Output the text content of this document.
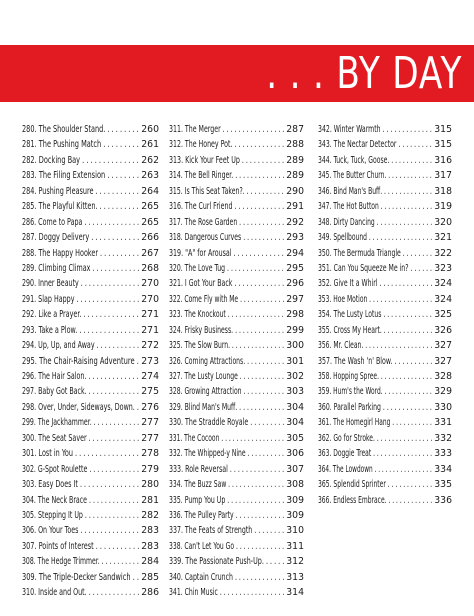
. . . BY DAY
280. The Shoulder Stand. . . . . . . . . 260
281. The Pushing Match . . . . . . . . . 261
282. Docking Bay . . . . . . . . . . . . . . 262
283. The Filing Extension . . . . . . . . 263
284. Pushing Pleasure . . . . . . . . . . . 264
285. The Playful Kitten. . . . . . . . . . . 265
286. Come to Papa . . . . . . . . . . . . . . 265
287. Doggy Delivery . . . . . . . . . . . . 266
288. The Happy Hooker . . . . . . . . . . 267
289. Climbing Climax . . . . . . . . . . . . 268
290. Inner Beauty . . . . . . . . . . . . . . . 270
291. Slap Happy . . . . . . . . . . . . . . . . 270
292. Like a Prayer. . . . . . . . . . . . . . . 271
293. Take a Plow. . . . . . . . . . . . . . . . 271
294. Up, Up, and Away . . . . . . . . . . . 272
295. The Chair-Raising Adventure . 273
296. The Hair Salon. . . . . . . . . . . . . . 274
297. Baby Got Back. . . . . . . . . . . . . . 275
298. Over, Under, Sideways, Down. . 276
299. The Jackhammer. . . . . . . . . . . . . 277
300. The Seat Saver . . . . . . . . . . . . . 277
301. Lost in You . . . . . . . . . . . . . . . . 278
302. G-Spot Roulette . . . . . . . . . . . . . 279
303. Easy Does It . . . . . . . . . . . . . . . 280
304. The Neck Brace . . . . . . . . . . . . . 281
305. Stepping It Up . . . . . . . . . . . . . . 282
306. On Your Toes . . . . . . . . . . . . . . . 283
307. Points of Interest . . . . . . . . . . . 283
308. The Hedge Trimmer. . . . . . . . . . . 284
309. The Triple-Decker Sandwich . . 285
310. Inside and Out. . . . . . . . . . . . . . 286
311. The Merger . . . . . . . . . . . . . . . . 287
312. The Honey Pot. . . . . . . . . . . . . . 288
313. Kick Your Feet Up . . . . . . . . . . . 289
314. The Bell Ringer. . . . . . . . . . . . . . 289
315. Is This Seat Taken?. . . . . . . . . . . 290
316. The Curl Friend . . . . . . . . . . . . . 291
317. The Rose Garden . . . . . . . . . . . . 292
318. Dangerous Curves . . . . . . . . . . . 293
319. "A" for Arousal . . . . . . . . . . . . . 294
320. The Love Tug . . . . . . . . . . . . . . . 295
321. I Got Your Back . . . . . . . . . . . . . 296
322. Come Fly with Me . . . . . . . . . . . . 297
323. The Knockout . . . . . . . . . . . . . . . 298
324. Frisky Business. . . . . . . . . . . . . . 299
325. The Slow Burn. . . . . . . . . . . . . . . 300
326. Coming Attractions. . . . . . . . . . . 301
327. The Lusty Lounge . . . . . . . . . . . . 302
328. Growing Attraction . . . . . . . . . . . 303
329. Blind Man's Muff. . . . . . . . . . . . . 304
330. The Straddle Royale . . . . . . . . . 304
331. The Cocoon . . . . . . . . . . . . . . . . . 305
332. The Whipped-y Nine . . . . . . . . . . 306
333. Role Reversal . . . . . . . . . . . . . . 307
334. The Buzz Saw . . . . . . . . . . . . . . . 308
335. Pump You Up . . . . . . . . . . . . . . . 309
336. The Pulley Party . . . . . . . . . . . . . 309
337. The Feats of Strength . . . . . . . . 310
338. Can't Let You Go . . . . . . . . . . . . . 311
339. The Passionate Push-Up. . . . . . 312
340. Captain Crunch . . . . . . . . . . . . . 313
341. Chin Music . . . . . . . . . . . . . . . . . 314
342. Winter Warmth . . . . . . . . . . . . . 315
343. The Nectar Detector . . . . . . . . . 315
344. Tuck, Tuck, Goose. . . . . . . . . . . . 316
345. The Butter Churn. . . . . . . . . . . . . 317
346. Bind Man's Buff. . . . . . . . . . . . . . 318
347. The Hot Button . . . . . . . . . . . . . . 319
348. Dirty Dancing . . . . . . . . . . . . . . . 320
349. Spellbound . . . . . . . . . . . . . . . . . 321
350. The Bermuda Triangle . . . . . . . . 322
351. Can You Squeeze Me in? . . . . . . 323
352. Give It a Whirl . . . . . . . . . . . . . . 324
353. Hoe Motion . . . . . . . . . . . . . . . . . 324
354. The Lusty Lotus . . . . . . . . . . . . . 325
355. Cross My Heart. . . . . . . . . . . . . . 326
356. Mr. Clean. . . . . . . . . . . . . . . . . . . 327
357. The Wash 'n' Blow. . . . . . . . . . . 327
358. Hopping Spree. . . . . . . . . . . . . . . 328
359. Hum's the Word. . . . . . . . . . . . . . 329
360. Parallel Parking . . . . . . . . . . . . . 330
361. The Homegirl Hang . . . . . . . . . . . 331
362. Go for Stroke. . . . . . . . . . . . . . . . 332
363. Doggie Treat . . . . . . . . . . . . . . . . 333
364. The Lowdown . . . . . . . . . . . . . . . . 334
365. Splendid Sprinter . . . . . . . . . . . . 335
366. Endless Embrace. . . . . . . . . . . . . 336
